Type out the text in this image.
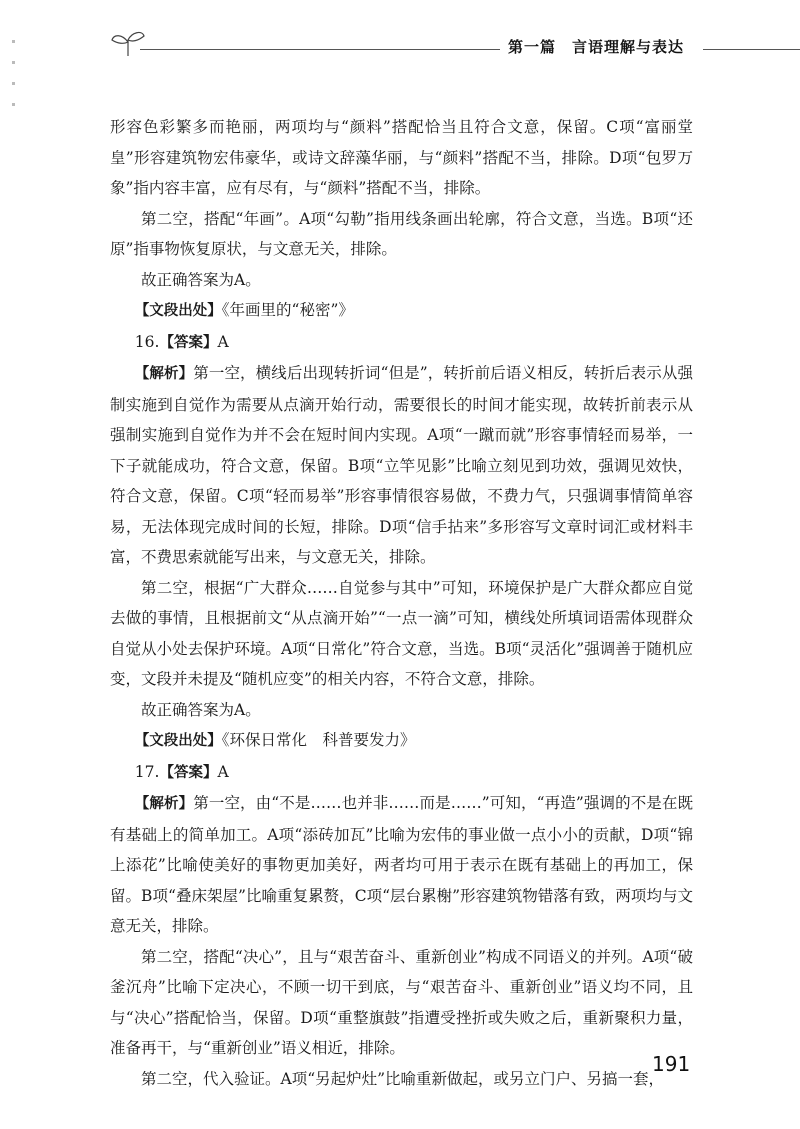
第一篇　言语理解与表达

形容色彩繁多而艳丽，两项均与“颜料”搭配恰当且符合文意，保留。C项“富丽堂皇”形容建筑物宏伟豪华，或诗文辞藻华丽，与“颜料”搭配不当，排除。D项“包罗万象”指内容丰富，应有尽有，与“颜料”搭配不当，排除。

第二空，搭配“年画”。A项“勾勒”指用线条画出轮廓，符合文意，当选。B项“还原”指事物恢复原状，与文意无关，排除。

故正确答案为A。

【文段出处】《年画里的“秘密”》

16.【答案】A

【解析】第一空，横线后出现转折词“但是”，转折前后语义相反，转折后表示从强制实施到自觉作为需要从点滴开始行动，需要很长的时间才能实现，故转折前表示从强制实施到自觉作为并不会在短时间内实现。A项“一蹴而就”形容事情轻而易举，一下子就能成功，符合文意，保留。B项“立竿见影”比喻立刻见到功效，强调见效快，符合文意，保留。C项“轻而易举”形容事情很容易做，不费力气，只强调事情简单容易，无法体现完成时间的长短，排除。D项“信手拈来”多形容写文章时词汇或材料丰富，不费思索就能写出来，与文意无关，排除。

第二空，根据“广大群众……自觉参与其中”可知，环境保护是广大群众都应自觉去做的事情，且根据前文“从点滴开始”“一点一滴”可知，横线处所填词语需体现群众自觉从小处去保护环境。A项“日常化”符合文意，当选。B项“灵活化”强调善于随机应变，文段并未提及“随机应变”的相关内容，不符合文意，排除。

故正确答案为A。

【文段出处】《环保日常化　科普要发力》

17.【答案】A

【解析】第一空，由“不是……也并非……而是……”可知，“再造”强调的不是在既有基础上的简单加工。A项“添砖加瓦”比喻为宏伟的事业做一点小小的贡献，D项“锦上添花”比喻使美好的事物更加美好，两者均可用于表示在既有基础上的再加工，保留。B项“叠床架屋”比喻重复累赘，C项“层台累榭”形容建筑物错落有致，两项均与文意无关，排除。

第二空，搭配“决心”，且与“艰苦奋斗、重新创业”构成不同语义的并列。A项“破釜沉舟”比喻下定决心，不顾一切干到底，与“艰苦奋斗、重新创业”语义均不同，且与“决心”搭配恰当，保留。D项“重整旗鼓”指遭受挫折或失败之后，重新聚积力量，准备再干，与“重新创业”语义相近，排除。

第二空，代入验证。A项“另起炉灶”比喻重新做起，或另立门户、另搞一套，

191
